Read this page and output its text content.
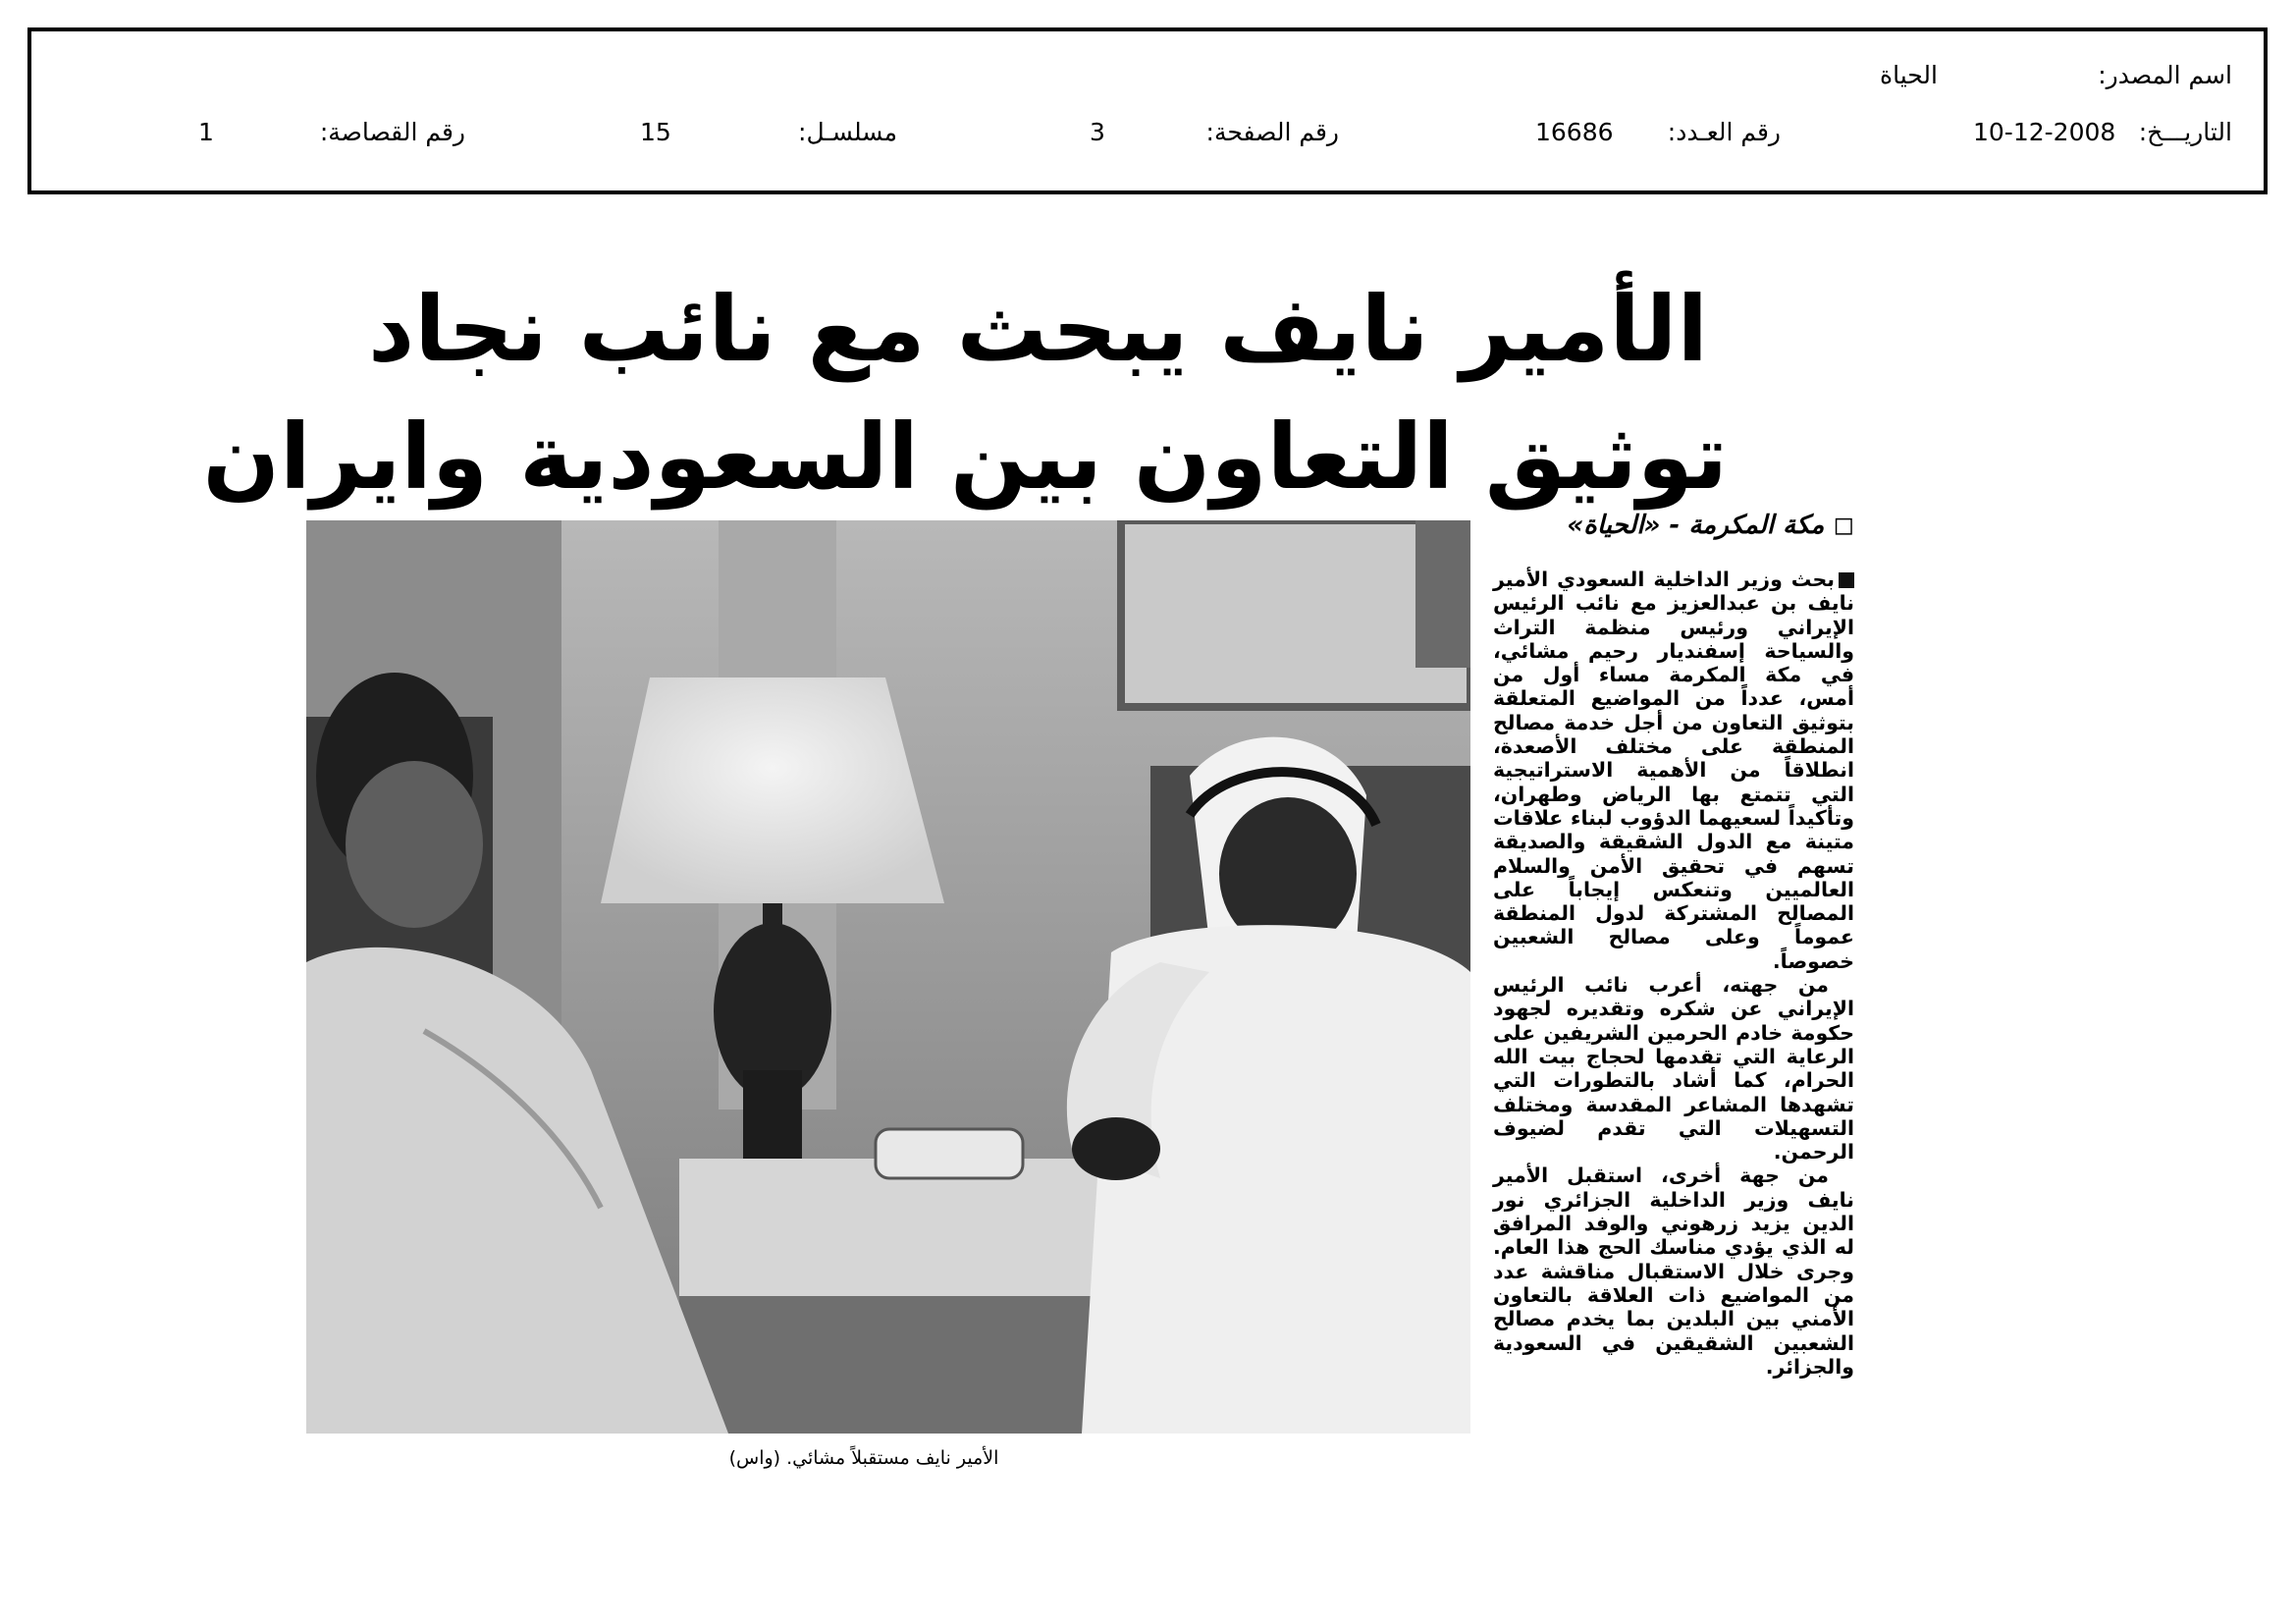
اسم المصدر:
الحياة
التاريـــخ:
10-12-2008
رقم العـدد:
16686
رقم الصفحة:
3
مسلسـل:
15
رقم القصاصة:
1
الأمير نايف يبحث مع نائب نجاد
توثيق التعاون بين السعودية وايران
◻ مكة المكرمة - «الحياة»

بحث وزير الداخلية السعودي الأمير نايف بن عبدالعزيز مع نائب الرئيس الإيراني ورئيس منظمة التراث والسياحة إسفنديار رحيم مشائي، في مكة المكرمة مساء أول من أمس، عدداً من المواضيع المتعلقة بتوثيق التعاون من أجل خدمة مصالح المنطقة على مختلف الأصعدة، انطلاقاً من الأهمية الاستراتيجية التي تتمتع بها الرياض وطهران، وتأكيداً لسعيهما الدؤوب لبناء علاقات متينة مع الدول الشقيقة والصديقة تسهم في تحقيق الأمن والسلام العالميين وتنعكس إيجاباً على المصالح المشتركة لدول المنطقة عموماً وعلى مصالح الشعبين خصوصاً.

من جهته، أعرب نائب الرئيس الإيراني عن شكره وتقديره لجهود حكومة خادم الحرمين الشريفين على الرعاية التي تقدمها لحجاج بيت الله الحرام، كما أشاد بالتطورات التي تشهدها المشاعر المقدسة ومختلف التسهيلات التي تقدم لضيوف الرحمن.

من جهة أخرى، استقبل الأمير نايف وزير الداخلية الجزائري نور الدين يزيد زرهوني والوفد المرافق له الذي يؤدي مناسك الحج هذا العام. وجرى خلال الاستقبال مناقشة عدد من المواضيع ذات العلاقة بالتعاون الأمني بين البلدين بما يخدم مصالح الشعبين الشقيقين في السعودية والجزائر.

الأمير نايف مستقبلاً مشائي. (واس)
